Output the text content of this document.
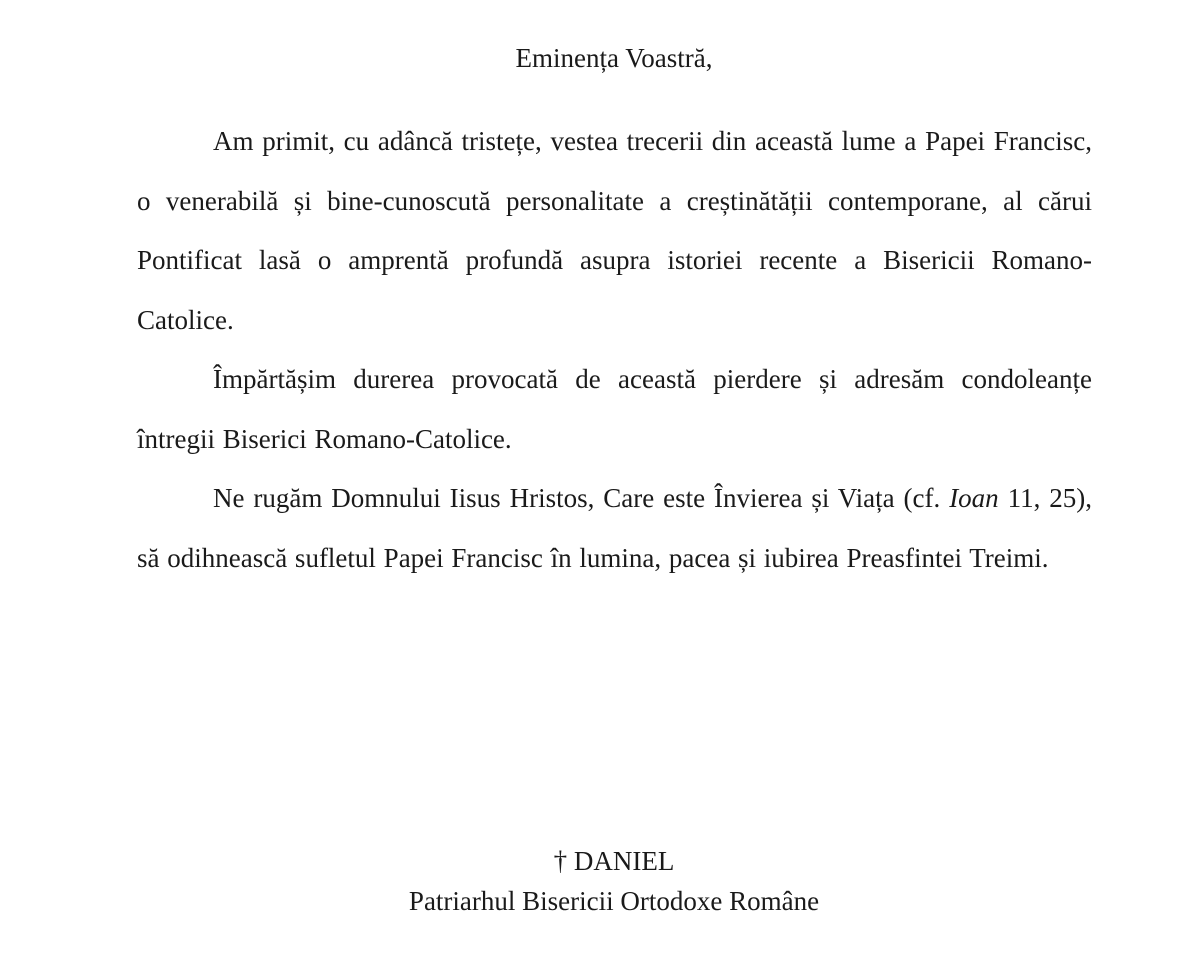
Eminența Voastră,

Am primit, cu adâncă tristețe, vestea trecerii din această lume a Papei Francisc, o venerabilă și bine-cunoscută personalitate a creștinătății contemporane, al cărui Pontificat lasă o amprentă profundă asupra istoriei recente a Bisericii Romano-Catolice.

Împărtășim durerea provocată de această pierdere și adresăm condoleanțe întregii Biserici Romano-Catolice.

Ne rugăm Domnului Iisus Hristos, Care este Învierea și Viața (cf. Ioan 11, 25), să odihnească sufletul Papei Francisc în lumina, pacea și iubirea Preasfintei Treimi.

† DANIEL
Patriarhul Bisericii Ortodoxe Române
